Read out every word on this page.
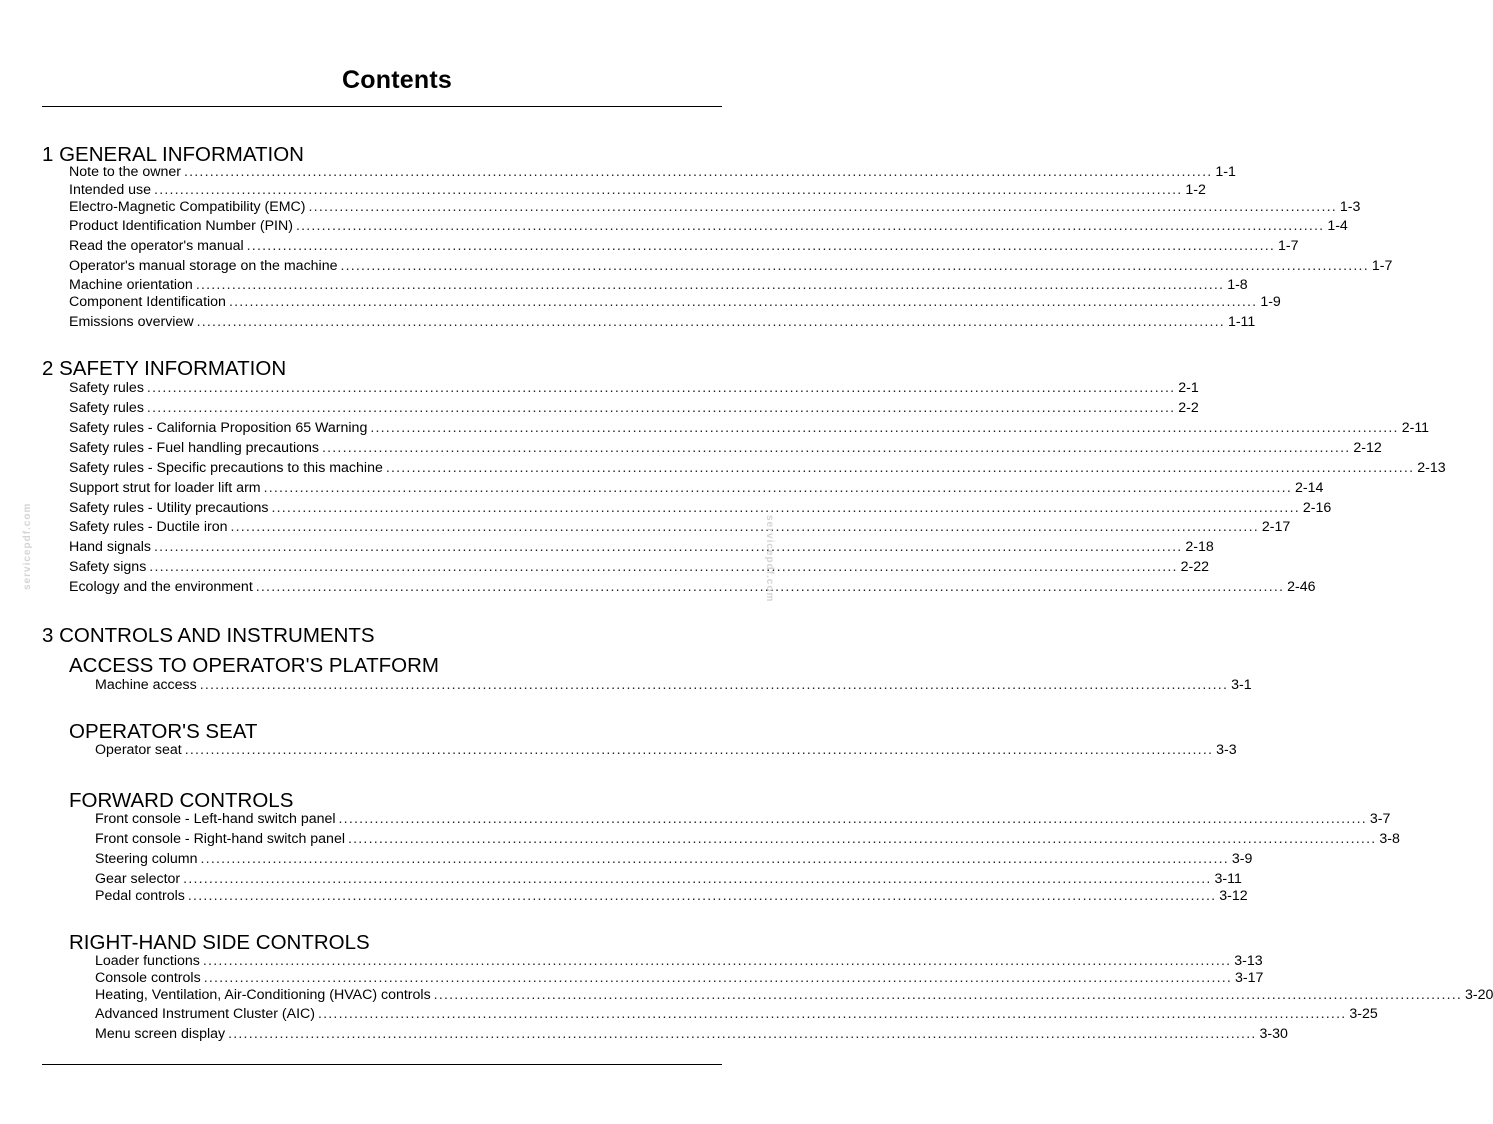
Contents
1 GENERAL INFORMATION
Note to the owner ........................................................................................................................................................................................................ 1-1
Intended use ........................................................................................................................................................................................................ 1-2
Electro-Magnetic Compatibility (EMC) ........................................................................................................................................................................................................ 1-3
Product Identification Number (PIN) ........................................................................................................................................................................................................ 1-4
Read the operator's manual ........................................................................................................................................................................................................ 1-7
Operator's manual storage on the machine ........................................................................................................................................................................................................ 1-7
Machine orientation ........................................................................................................................................................................................................ 1-8
Component Identification ........................................................................................................................................................................................................ 1-9
Emissions overview ........................................................................................................................................................................................................ 1-11
2 SAFETY INFORMATION
Safety rules ........................................................................................................................................................................................................ 2-1
Safety rules ........................................................................................................................................................................................................ 2-2
Safety rules - California Proposition 65 Warning ........................................................................................................................................................................................................ 2-11
Safety rules - Fuel handling precautions ........................................................................................................................................................................................................ 2-12
Safety rules - Specific precautions to this machine ........................................................................................................................................................................................................ 2-13
Support strut for loader lift arm ........................................................................................................................................................................................................ 2-14
Safety rules - Utility precautions ........................................................................................................................................................................................................ 2-16
Safety rules - Ductile iron ........................................................................................................................................................................................................ 2-17
Hand signals ........................................................................................................................................................................................................ 2-18
Safety signs ........................................................................................................................................................................................................ 2-22
Ecology and the environment ........................................................................................................................................................................................................ 2-46
3 CONTROLS AND INSTRUMENTS
ACCESS TO OPERATOR'S PLATFORM
Machine access ........................................................................................................................................................................................................ 3-1
OPERATOR'S SEAT
Operator seat ........................................................................................................................................................................................................ 3-3
FORWARD CONTROLS
Front console - Left-hand switch panel ........................................................................................................................................................................................................ 3-7
Front console - Right-hand switch panel ........................................................................................................................................................................................................ 3-8
Steering column ........................................................................................................................................................................................................ 3-9
Gear selector ........................................................................................................................................................................................................ 3-11
Pedal controls ........................................................................................................................................................................................................ 3-12
RIGHT-HAND SIDE CONTROLS
Loader functions ........................................................................................................................................................................................................ 3-13
Console controls ........................................................................................................................................................................................................ 3-17
Heating, Ventilation, Air-Conditioning (HVAC) controls ........................................................................................................................................................................................................ 3-20
Advanced Instrument Cluster (AIC) ........................................................................................................................................................................................................ 3-25
Menu screen display ........................................................................................................................................................................................................ 3-30
servicepdf.com	servicepdf.com
